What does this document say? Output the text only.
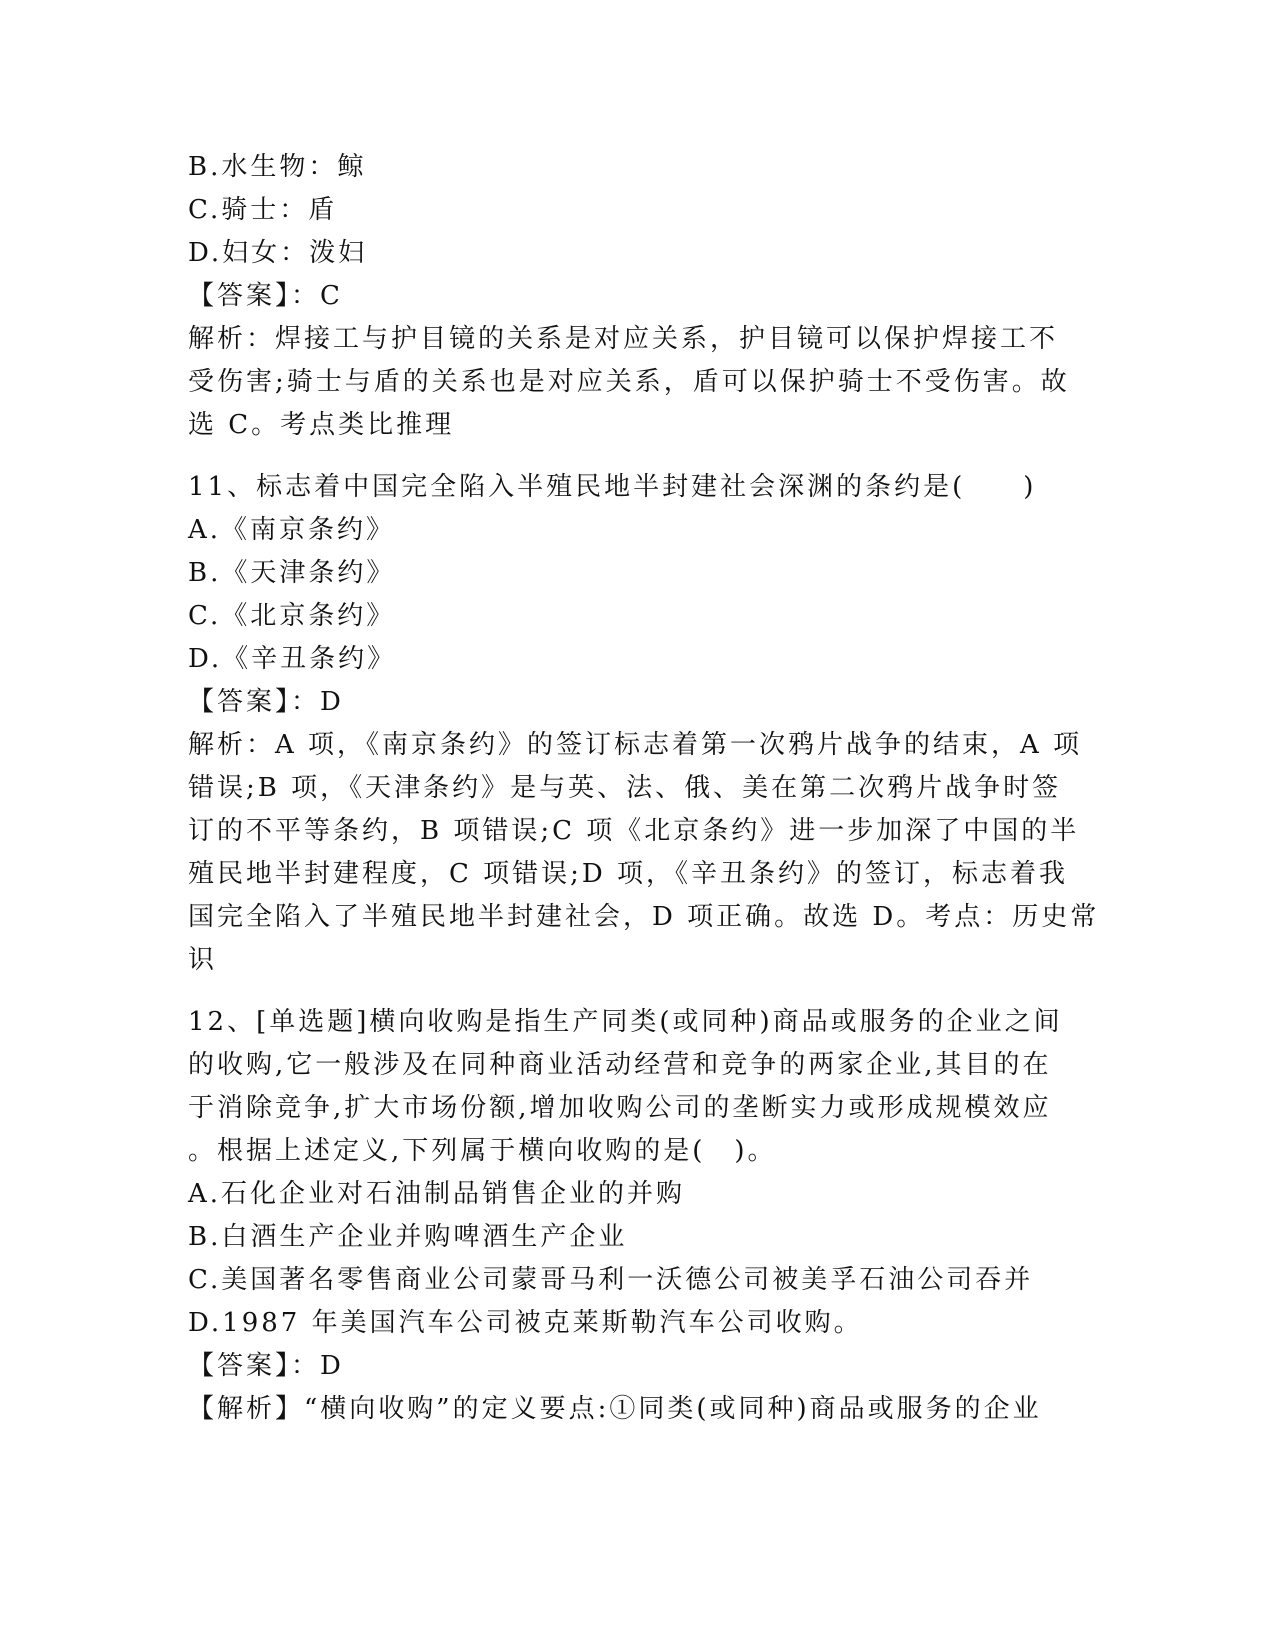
B.水生物：鲸
C.骑士：盾
D.妇女：泼妇
【答案】：C
解析：焊接工与护目镜的关系是对应关系，护目镜可以保护焊接工不
受伤害;骑士与盾的关系也是对应关系，盾可以保护骑士不受伤害。故
选 C。考点类比推理
11、标志着中国完全陷入半殖民地半封建社会深渊的条约是(　　)
A.《南京条约》
B.《天津条约》
C.《北京条约》
D.《辛丑条约》
【答案】：D
解析：A 项，《南京条约》的签订标志着第一次鸦片战争的结束，A 项
错误;B 项，《天津条约》是与英、法、俄、美在第二次鸦片战争时签
订的不平等条约，B 项错误;C 项《北京条约》进一步加深了中国的半
殖民地半封建程度，C 项错误;D 项，《辛丑条约》的签订，标志着我
国完全陷入了半殖民地半封建社会，D 项正确。故选 D。考点：历史常
识
12、[单选题]横向收购是指生产同类(或同种)商品或服务的企业之间
的收购,它一般涉及在同种商业活动经营和竞争的两家企业,其目的在
于消除竞争,扩大市场份额,增加收购公司的垄断实力或形成规模效应
。根据上述定义,下列属于横向收购的是(　)。
A.石化企业对石油制品销售企业的并购
B.白酒生产企业并购啤酒生产企业
C.美国著名零售商业公司蒙哥马利一沃德公司被美孚石油公司吞并
D.1987 年美国汽车公司被克莱斯勒汽车公司收购。
【答案】：D
【解析】“横向收购”的定义要点:①同类(或同种)商品或服务的企业
